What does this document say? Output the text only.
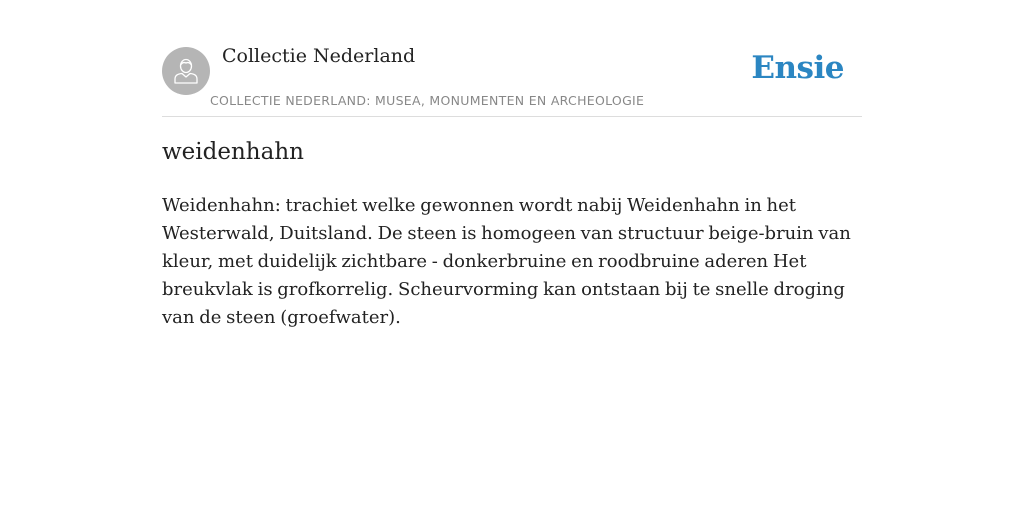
Collectie Nederland
COLLECTIE NEDERLAND: MUSEA, MONUMENTEN EN ARCHEOLOGIE
Ensie
weidenhahn

Weidenhahn: trachiet welke gewonnen wordt nabij Weidenhahn in het Westerwald, Duitsland. De steen is homogeen van structuur beige-bruin van kleur, met duidelijk zichtbare - donkerbruine en roodbruine aderen Het breukvlak is grofkorrelig. Scheurvorming kan ontstaan bij te snelle droging van de steen (groefwater).
